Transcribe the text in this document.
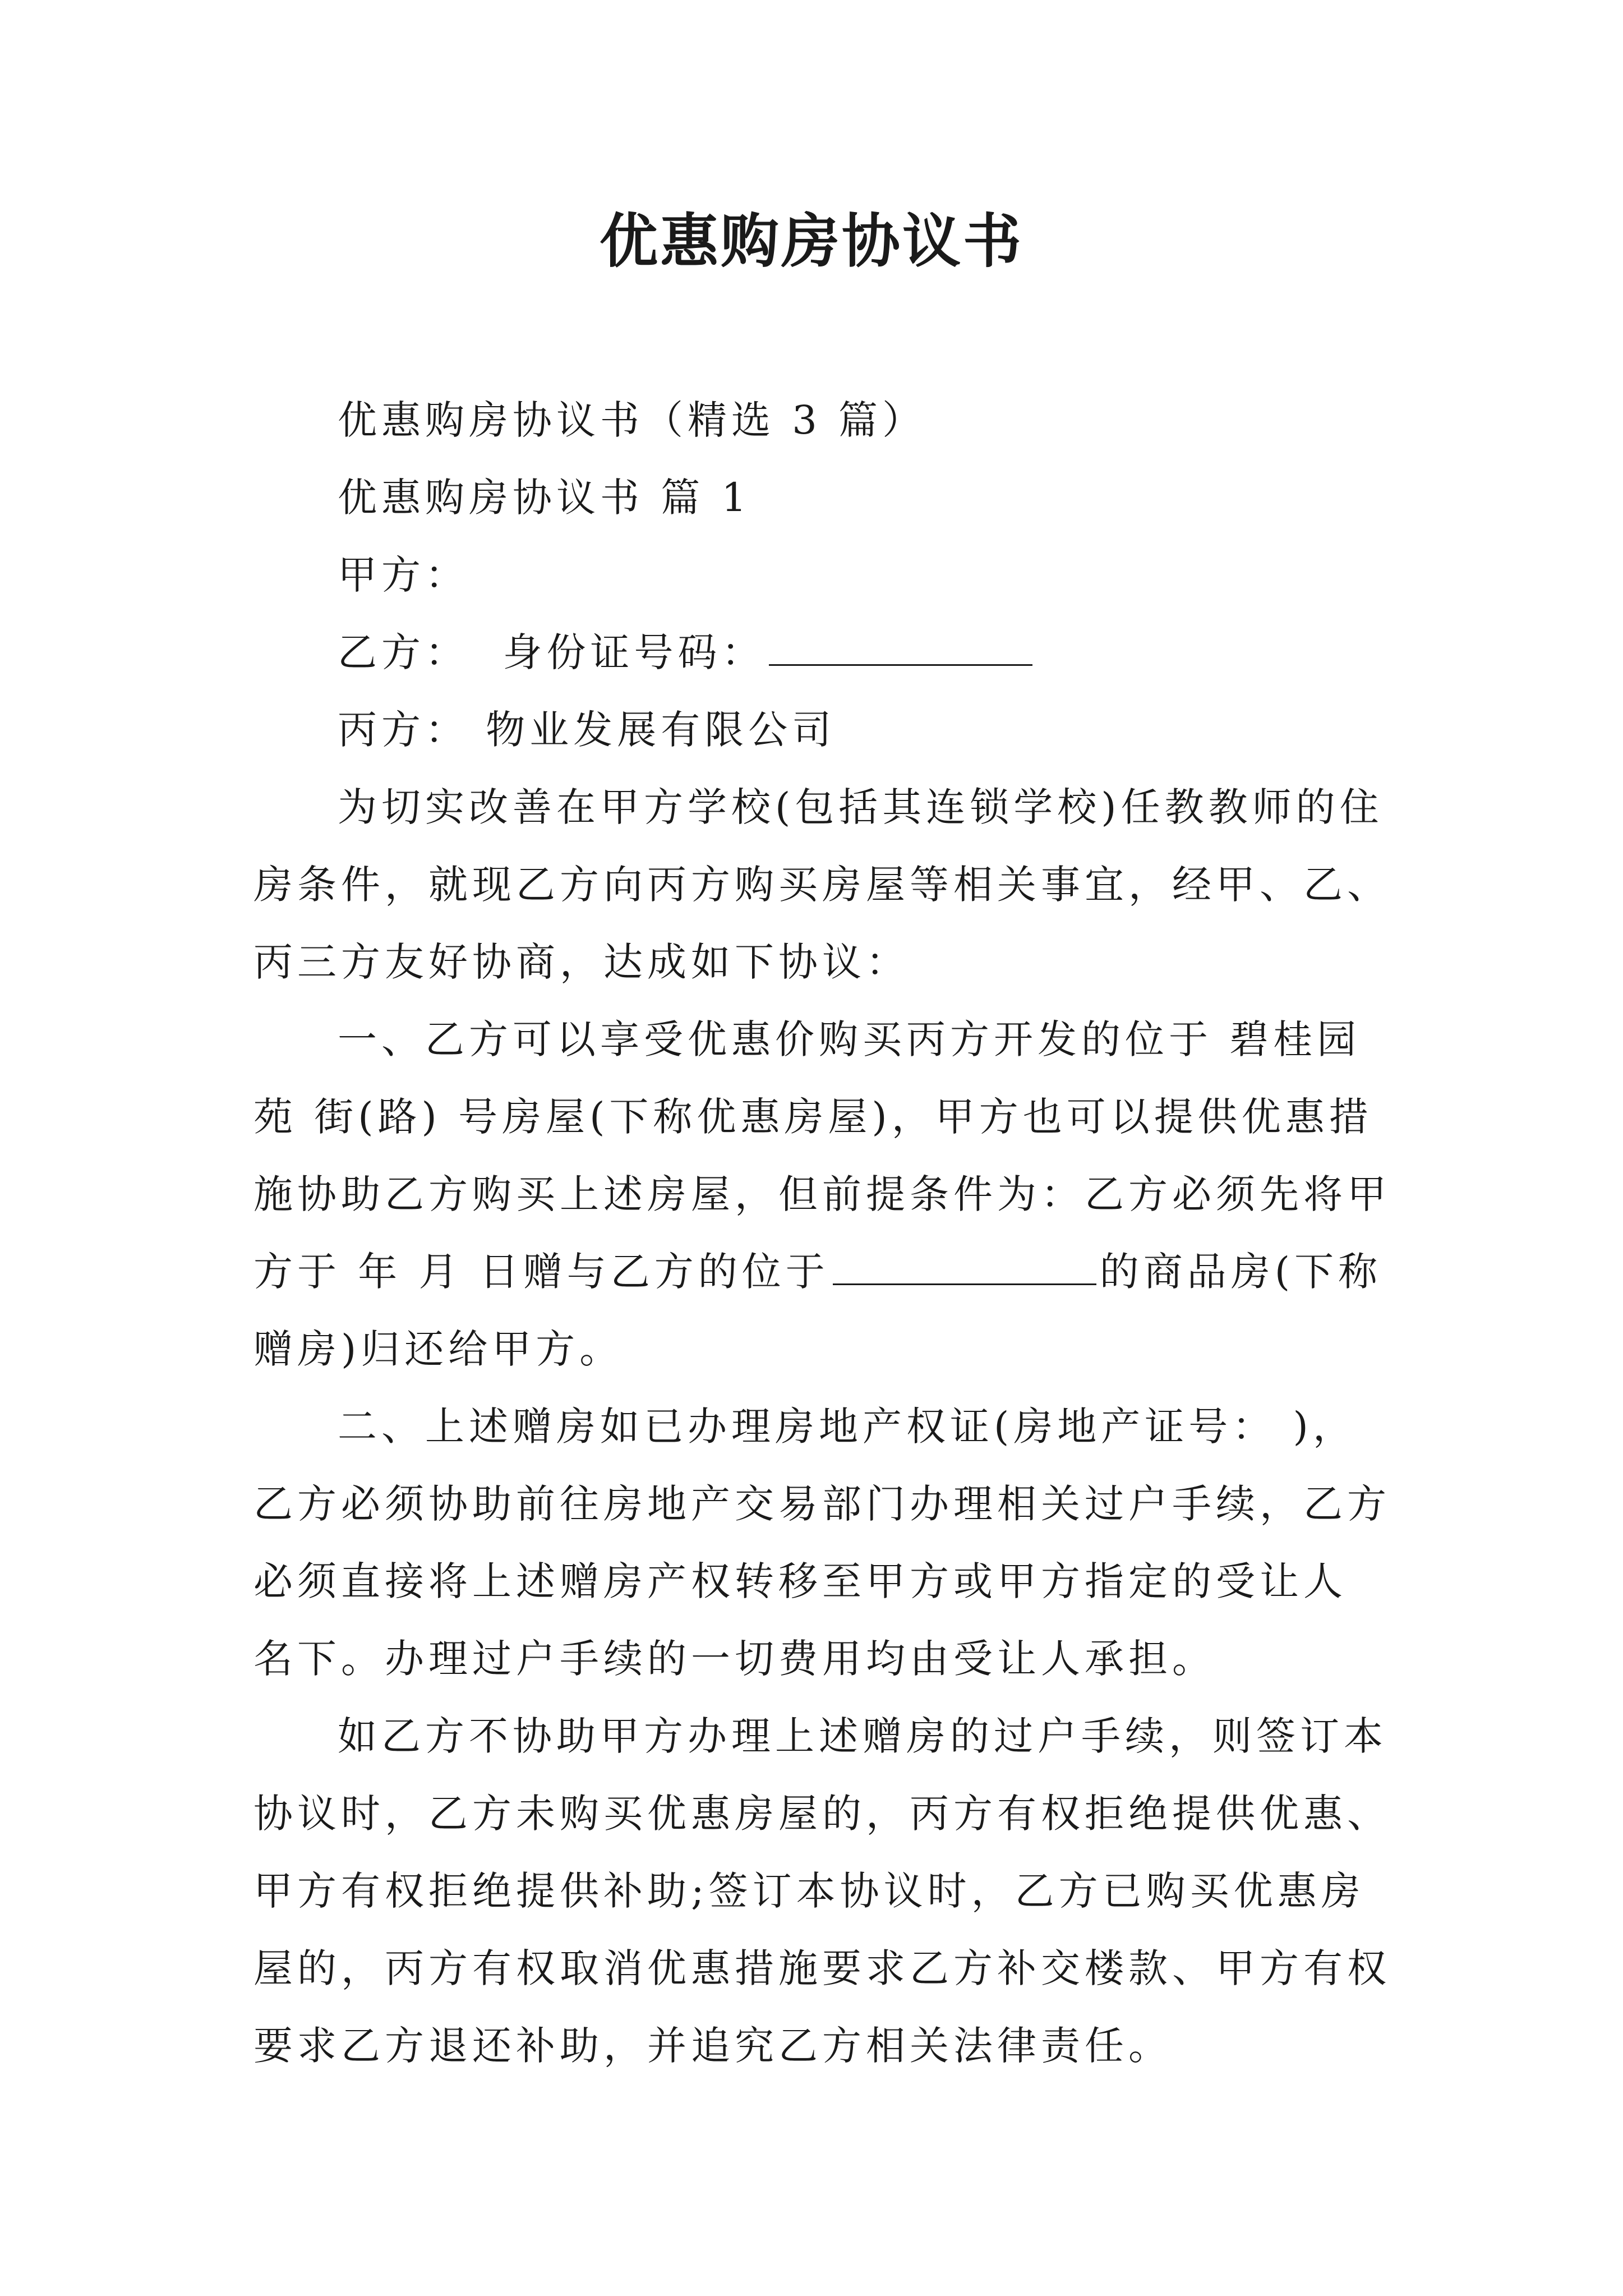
优惠购房协议书
优惠购房协议书（精选 3 篇）
优惠购房协议书 篇 1
甲方：
乙方： 身份证号码：
丙方： 物业发展有限公司
为切实改善在甲方学校(包括其连锁学校)任教教师的住
房条件，就现乙方向丙方购买房屋等相关事宜，经甲、乙、
丙三方友好协商，达成如下协议：
一、乙方可以享受优惠价购买丙方开发的位于 碧桂园
苑 街(路) 号房屋(下称优惠房屋)，甲方也可以提供优惠措
施协助乙方购买上述房屋，但前提条件为：乙方必须先将甲
方于 年 月 日赠与乙方的位于	的商品房(下称
赠房)归还给甲方。
二、上述赠房如已办理房地产权证(房地产证号： )，
乙方必须协助前往房地产交易部门办理相关过户手续，乙方
必须直接将上述赠房产权转移至甲方或甲方指定的受让人
名下。办理过户手续的一切费用均由受让人承担。
如乙方不协助甲方办理上述赠房的过户手续，则签订本
协议时，乙方未购买优惠房屋的，丙方有权拒绝提供优惠、
甲方有权拒绝提供补助;签订本协议时，乙方已购买优惠房
屋的，丙方有权取消优惠措施要求乙方补交楼款、甲方有权
要求乙方退还补助，并追究乙方相关法律责任。
